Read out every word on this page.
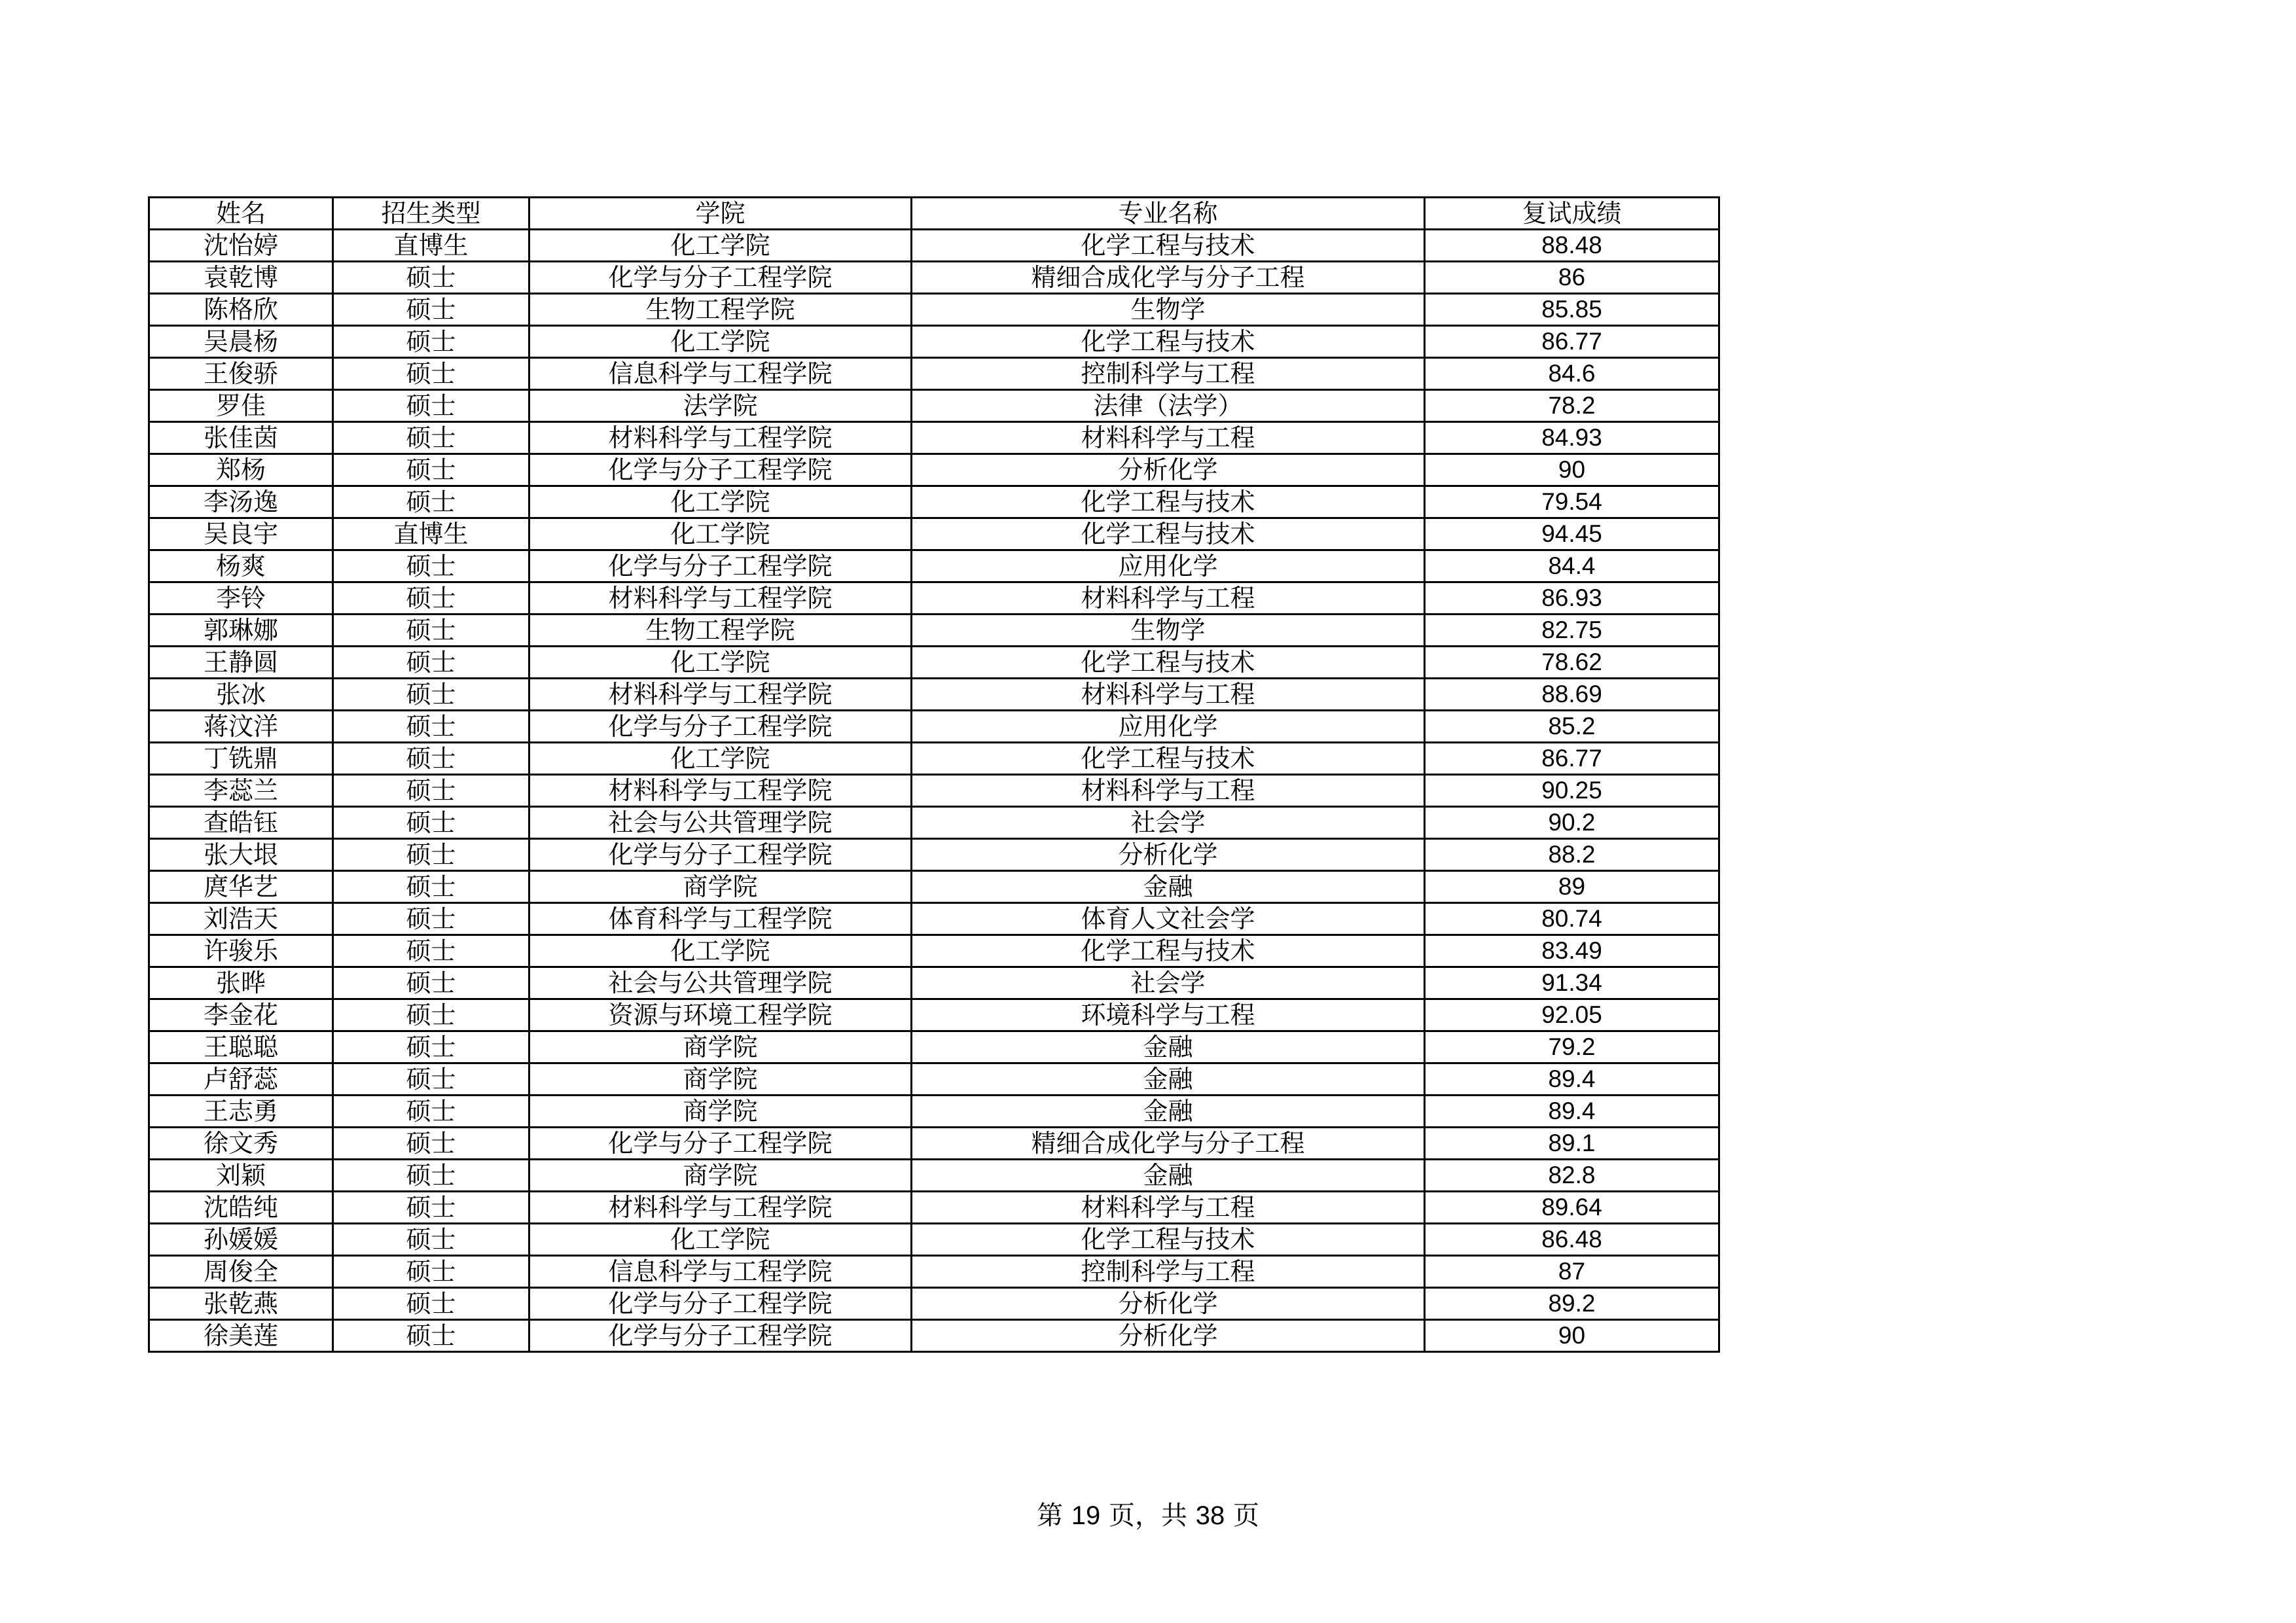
姓名	招生类型	学院	专业名称	复试成绩
沈怡婷	直博生	化工学院	化学工程与技术	88.48
袁乾博	硕士	化学与分子工程学院	精细合成化学与分子工程	86
陈格欣	硕士	生物工程学院	生物学	85.85
吴晨杨	硕士	化工学院	化学工程与技术	86.77
王俊骄	硕士	信息科学与工程学院	控制科学与工程	84.6
罗佳	硕士	法学院	法律（法学）	78.2
张佳茵	硕士	材料科学与工程学院	材料科学与工程	84.93
郑杨	硕士	化学与分子工程学院	分析化学	90
李汤逸	硕士	化工学院	化学工程与技术	79.54
吴良宇	直博生	化工学院	化学工程与技术	94.45
杨爽	硕士	化学与分子工程学院	应用化学	84.4
李铃	硕士	材料科学与工程学院	材料科学与工程	86.93
郭琳娜	硕士	生物工程学院	生物学	82.75
王静圆	硕士	化工学院	化学工程与技术	78.62
张冰	硕士	材料科学与工程学院	材料科学与工程	88.69
蒋汶洋	硕士	化学与分子工程学院	应用化学	85.2
丁铣鼎	硕士	化工学院	化学工程与技术	86.77
李蕊兰	硕士	材料科学与工程学院	材料科学与工程	90.25
查皓钰	硕士	社会与公共管理学院	社会学	90.2
张大垠	硕士	化学与分子工程学院	分析化学	88.2
庹华艺	硕士	商学院	金融	89
刘浩天	硕士	体育科学与工程学院	体育人文社会学	80.74
许骏乐	硕士	化工学院	化学工程与技术	83.49
张晔	硕士	社会与公共管理学院	社会学	91.34
李金花	硕士	资源与环境工程学院	环境科学与工程	92.05
王聪聪	硕士	商学院	金融	79.2
卢舒蕊	硕士	商学院	金融	89.4
王志勇	硕士	商学院	金融	89.4
徐文秀	硕士	化学与分子工程学院	精细合成化学与分子工程	89.1
刘颖	硕士	商学院	金融	82.8
沈皓纯	硕士	材料科学与工程学院	材料科学与工程	89.64
孙媛媛	硕士	化工学院	化学工程与技术	86.48
周俊全	硕士	信息科学与工程学院	控制科学与工程	87
张乾燕	硕士	化学与分子工程学院	分析化学	89.2
徐美莲	硕士	化学与分子工程学院	分析化学	90
第 19 页，共 38 页
